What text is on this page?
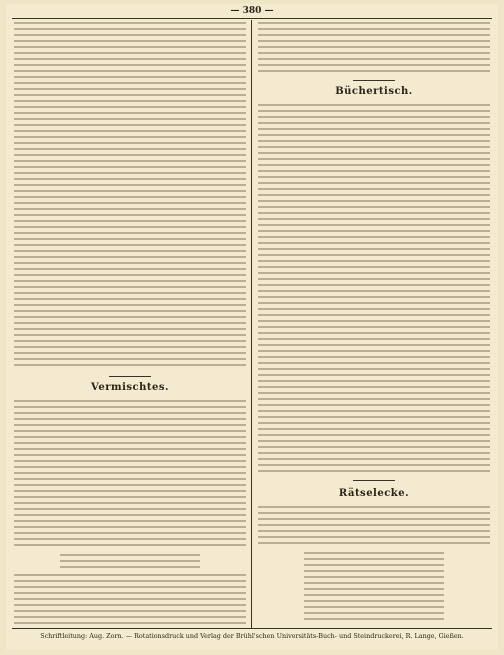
— 380 —
Vermischtes.
Büchertisch.
Rätselecke.
Schriftleitung: Aug. Zorn. — Rotationsdruck und Verlag der Brühl'schen Universitäts-Buch- und Steindruckerei, R. Lange, Gießen.
